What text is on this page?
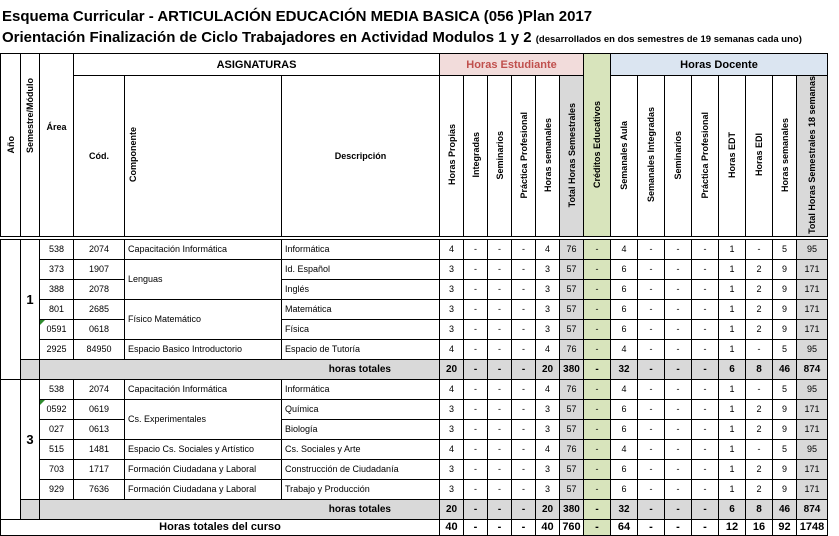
Esquema Curricular - ARTICULACIÓN EDUCACIÓN MEDIA BASICA (056 )Plan 2017
Orientación Finalización de Ciclo Trabajadores en Actividad Modulos 1 y 2 (desarrollados en dos semestres de 19 semanas cada uno)
Año	Semestre/Módulo	Área	ASIGNATURAS			Horas Estudiante						Créditos Educativos	Horas Docente							
			Cód.	Componente	Descripción	Horas Propias	Integradas	Seminarios	Práctica Profesional	Horas semanales	Total Horas Semestrales		Semanales Aula	Semanales Integradas	Seminarios	Práctica Profesional	Horas EDT	Horas EDI	Horas semanales	Total Horas Semestrales 18 semanas

	1	538	2074	Capacitación Informática	Informática	4	-	-	-	4	76	-	4	-	-	-	1	-	5	95
		373	1907	Lenguas	Id. Español	3	-	-	-	3	57	-	6	-	-	-	1	2	9	171
		388	2078		Inglés	3	-	-	-	3	57	-	6	-	-	-	1	2	9	171
		801	2685	Físico Matemático	Matemática	3	-	-	-	3	57	-	6	-	-	-	1	2	9	171
		0591	0618		Física	3	-	-	-	3	57	-	6	-	-	-	1	2	9	171
		2925	84950	Espacio Basico Introductorio	Espacio de Tutoría	4	-	-	-	4	76	-	4	-	-	-	1	-	5	95
		horas totales				20	-	-	-	20	380	-	32	-	-	-	6	8	46	874
	3	538	2074	Capacitación Informática	Informática	4	-	-	-	4	76	-	4	-	-	-	1	-	5	95
		0592	0619	Cs. Experimentales	Química	3	-	-	-	3	57	-	6	-	-	-	1	2	9	171
		027	0613		Biología	3	-	-	-	3	57	-	6	-	-	-	1	2	9	171
		515	1481	Espacio Cs. Sociales y Artístico	Cs. Sociales y Arte	4	-	-	-	4	76	-	4	-	-	-	1	-	5	95
		703	1717	Formación Ciudadana y Laboral	Construcción de Ciudadanía	3	-	-	-	3	57	-	6	-	-	-	1	2	9	171
		929	7636	Formación Ciudadana y Laboral	Trabajo y Producción	3	-	-	-	3	57	-	6	-	-	-	1	2	9	171
		horas totales				20	-	-	-	20	380	-	32	-	-	-	6	8	46	874
Horas totales del curso						40	-	-	-	40	760	-	64	-	-	-	12	16	92	1748
